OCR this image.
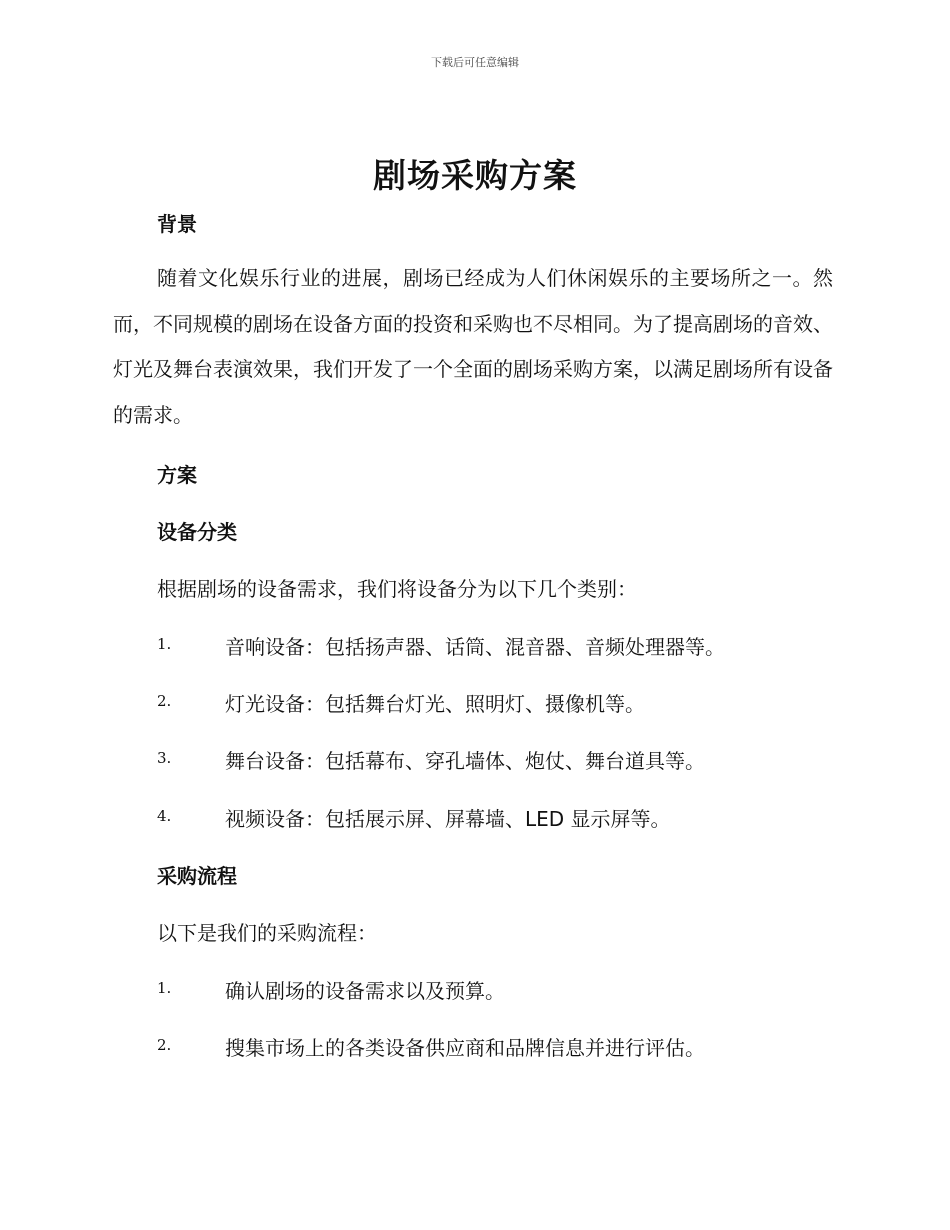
下载后可任意编辑
剧场采购方案
背景
随着文化娱乐行业的进展，剧场已经成为人们休闲娱乐的主要场所之一。然而，不同规模的剧场在设备方面的投资和采购也不尽相同。为了提高剧场的音效、灯光及舞台表演效果，我们开发了一个全面的剧场采购方案，以满足剧场所有设备的需求。
方案
设备分类
根据剧场的设备需求，我们将设备分为以下几个类别：
1.	音响设备：包括扬声器、话筒、混音器、音频处理器等。
2.	灯光设备：包括舞台灯光、照明灯、摄像机等。
3.	舞台设备：包括幕布、穿孔墙体、炮仗、舞台道具等。
4.	视频设备：包括展示屏、屏幕墙、LED 显示屏等。
采购流程
以下是我们的采购流程：
1.	确认剧场的设备需求以及预算。
2.	搜集市场上的各类设备供应商和品牌信息并进行评估。
